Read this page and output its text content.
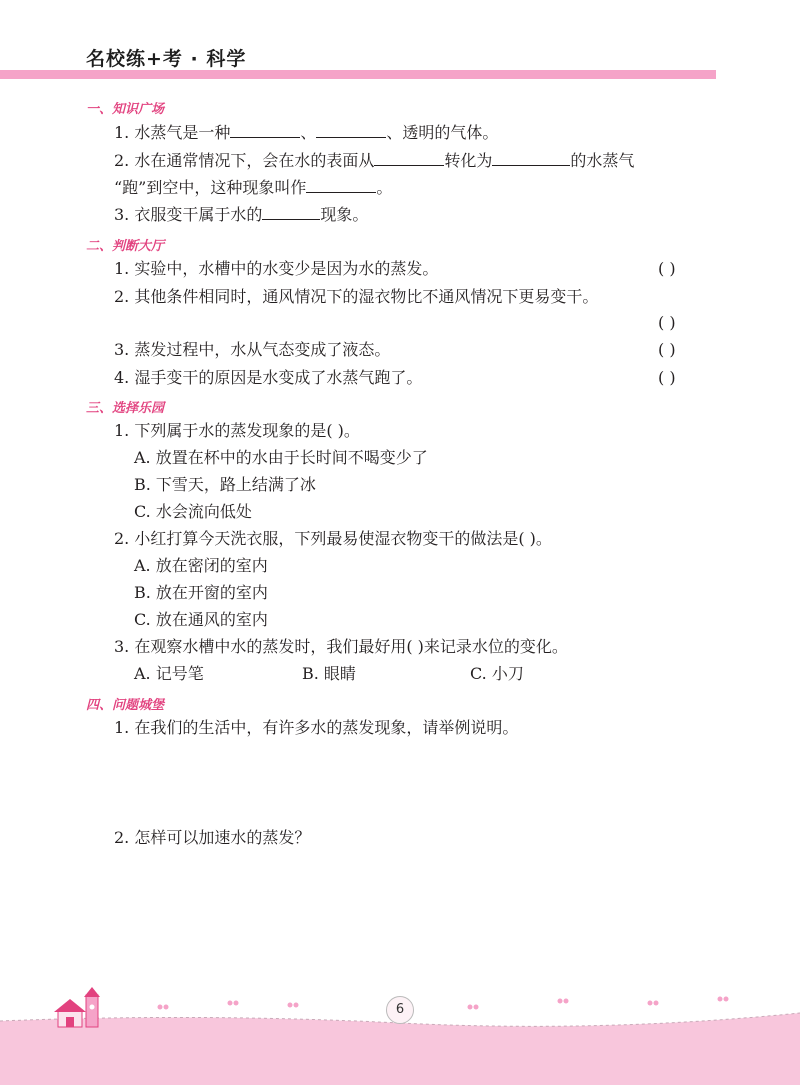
名校练+考 · 科学
一、知识广场
1. 水蒸气是一种	、	、透明的气体。
2. 水在通常情况下，会在水的表面从	转化为	的水蒸气
“跑”到空中，这种现象叫作	。
3. 衣服变干属于水的	现象。
二、判断大厅
1. 实验中，水槽中的水变少是因为水的蒸发。	( )
2. 其他条件相同时，通风情况下的湿衣物比不通风情况下更易变干。
( )
3. 蒸发过程中，水从气态变成了液态。	( )
4. 湿手变干的原因是水变成了水蒸气跑了。	( )
三、选择乐园
1. 下列属于水的蒸发现象的是( )。
A. 放置在杯中的水由于长时间不喝变少了
B. 下雪天，路上结满了冰
C. 水会流向低处
2. 小红打算今天洗衣服，下列最易使湿衣物变干的做法是( )。
A. 放在密闭的室内
B. 放在开窗的室内
C. 放在通风的室内
3. 在观察水槽中水的蒸发时，我们最好用( )来记录水位的变化。
A. 记号笔	B. 眼睛	C. 小刀
四、问题城堡
1. 在我们的生活中，有许多水的蒸发现象，请举例说明。
2. 怎样可以加速水的蒸发？
6
